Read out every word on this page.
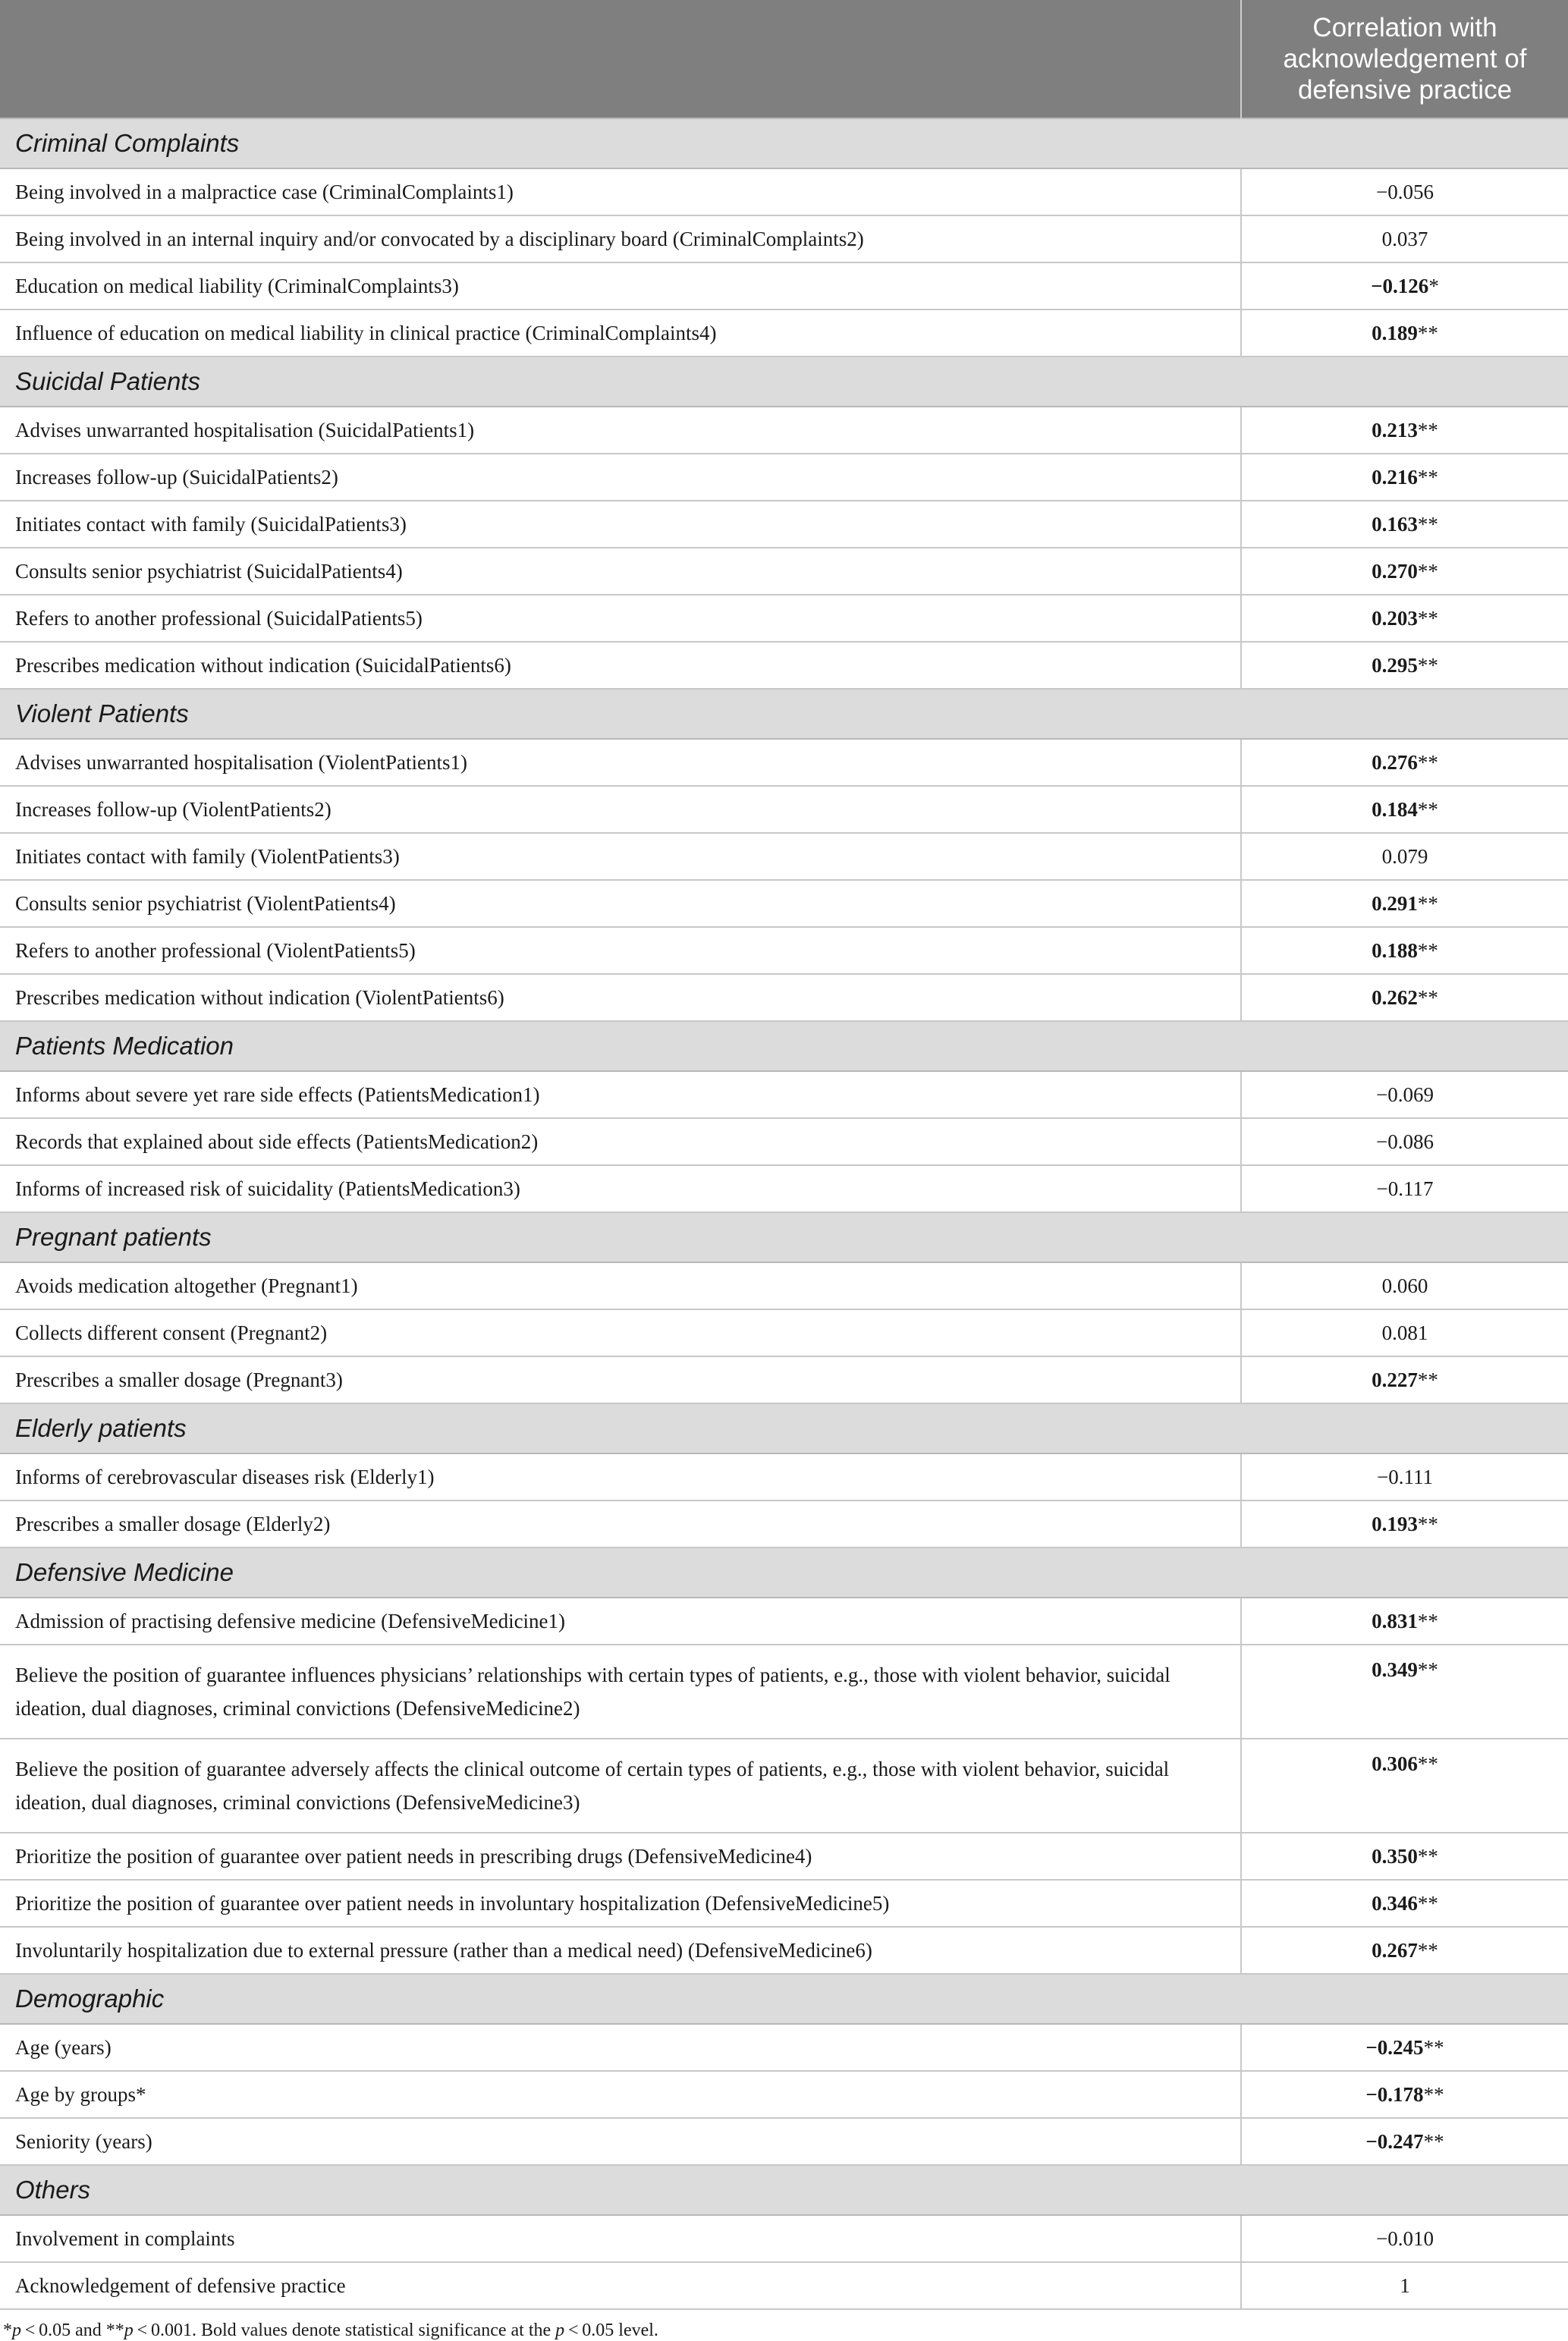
	Correlation with acknowledgement of defensive practice
Criminal Complaints	
Being involved in a malpractice case (CriminalComplaints1)	−0.056
Being involved in an internal inquiry and/or convocated by a disciplinary board (CriminalComplaints2)	0.037
Education on medical liability (CriminalComplaints3)	−0.126*
Influence of education on medical liability in clinical practice (CriminalComplaints4)	0.189**
Suicidal Patients	
Advises unwarranted hospitalisation (SuicidalPatients1)	0.213**
Increases follow-up (SuicidalPatients2)	0.216**
Initiates contact with family (SuicidalPatients3)	0.163**
Consults senior psychiatrist (SuicidalPatients4)	0.270**
Refers to another professional (SuicidalPatients5)	0.203**
Prescribes medication without indication (SuicidalPatients6)	0.295**
Violent Patients	
Advises unwarranted hospitalisation (ViolentPatients1)	0.276**
Increases follow-up (ViolentPatients2)	0.184**
Initiates contact with family (ViolentPatients3)	0.079
Consults senior psychiatrist (ViolentPatients4)	0.291**
Refers to another professional (ViolentPatients5)	0.188**
Prescribes medication without indication (ViolentPatients6)	0.262**
Patients Medication	
Informs about severe yet rare side effects (PatientsMedication1)	−0.069
Records that explained about side effects (PatientsMedication2)	−0.086
Informs of increased risk of suicidality (PatientsMedication3)	−0.117
Pregnant patients	
Avoids medication altogether (Pregnant1)	0.060
Collects different consent (Pregnant2)	0.081
Prescribes a smaller dosage (Pregnant3)	0.227**
Elderly patients	
Informs of cerebrovascular diseases risk (Elderly1)	−0.111
Prescribes a smaller dosage (Elderly2)	0.193**
Defensive Medicine	
Admission of practising defensive medicine (DefensiveMedicine1)	0.831**
Believe the position of guarantee influences physicians’ relationships with certain types of patients, e.g., those with violent behavior, suicidal ideation, dual diagnoses, criminal convictions (DefensiveMedicine2)	0.349**
Believe the position of guarantee adversely affects the clinical outcome of certain types of patients, e.g., those with violent behavior, suicidal ideation, dual diagnoses, criminal convictions (DefensiveMedicine3)	0.306**
Prioritize the position of guarantee over patient needs in prescribing drugs (DefensiveMedicine4)	0.350**
Prioritize the position of guarantee over patient needs in involuntary hospitalization (DefensiveMedicine5)	0.346**
Involuntarily hospitalization due to external pressure (rather than a medical need) (DefensiveMedicine6)	0.267**
Demographic	
Age (years)	−0.245**
Age by groups*	−0.178**
Seniority (years)	−0.247**
Others	
Involvement in complaints	−0.010
Acknowledgement of defensive practice	1
*p < 0.05 and **p < 0.001. Bold values denote statistical significance at the p < 0.05 level.
